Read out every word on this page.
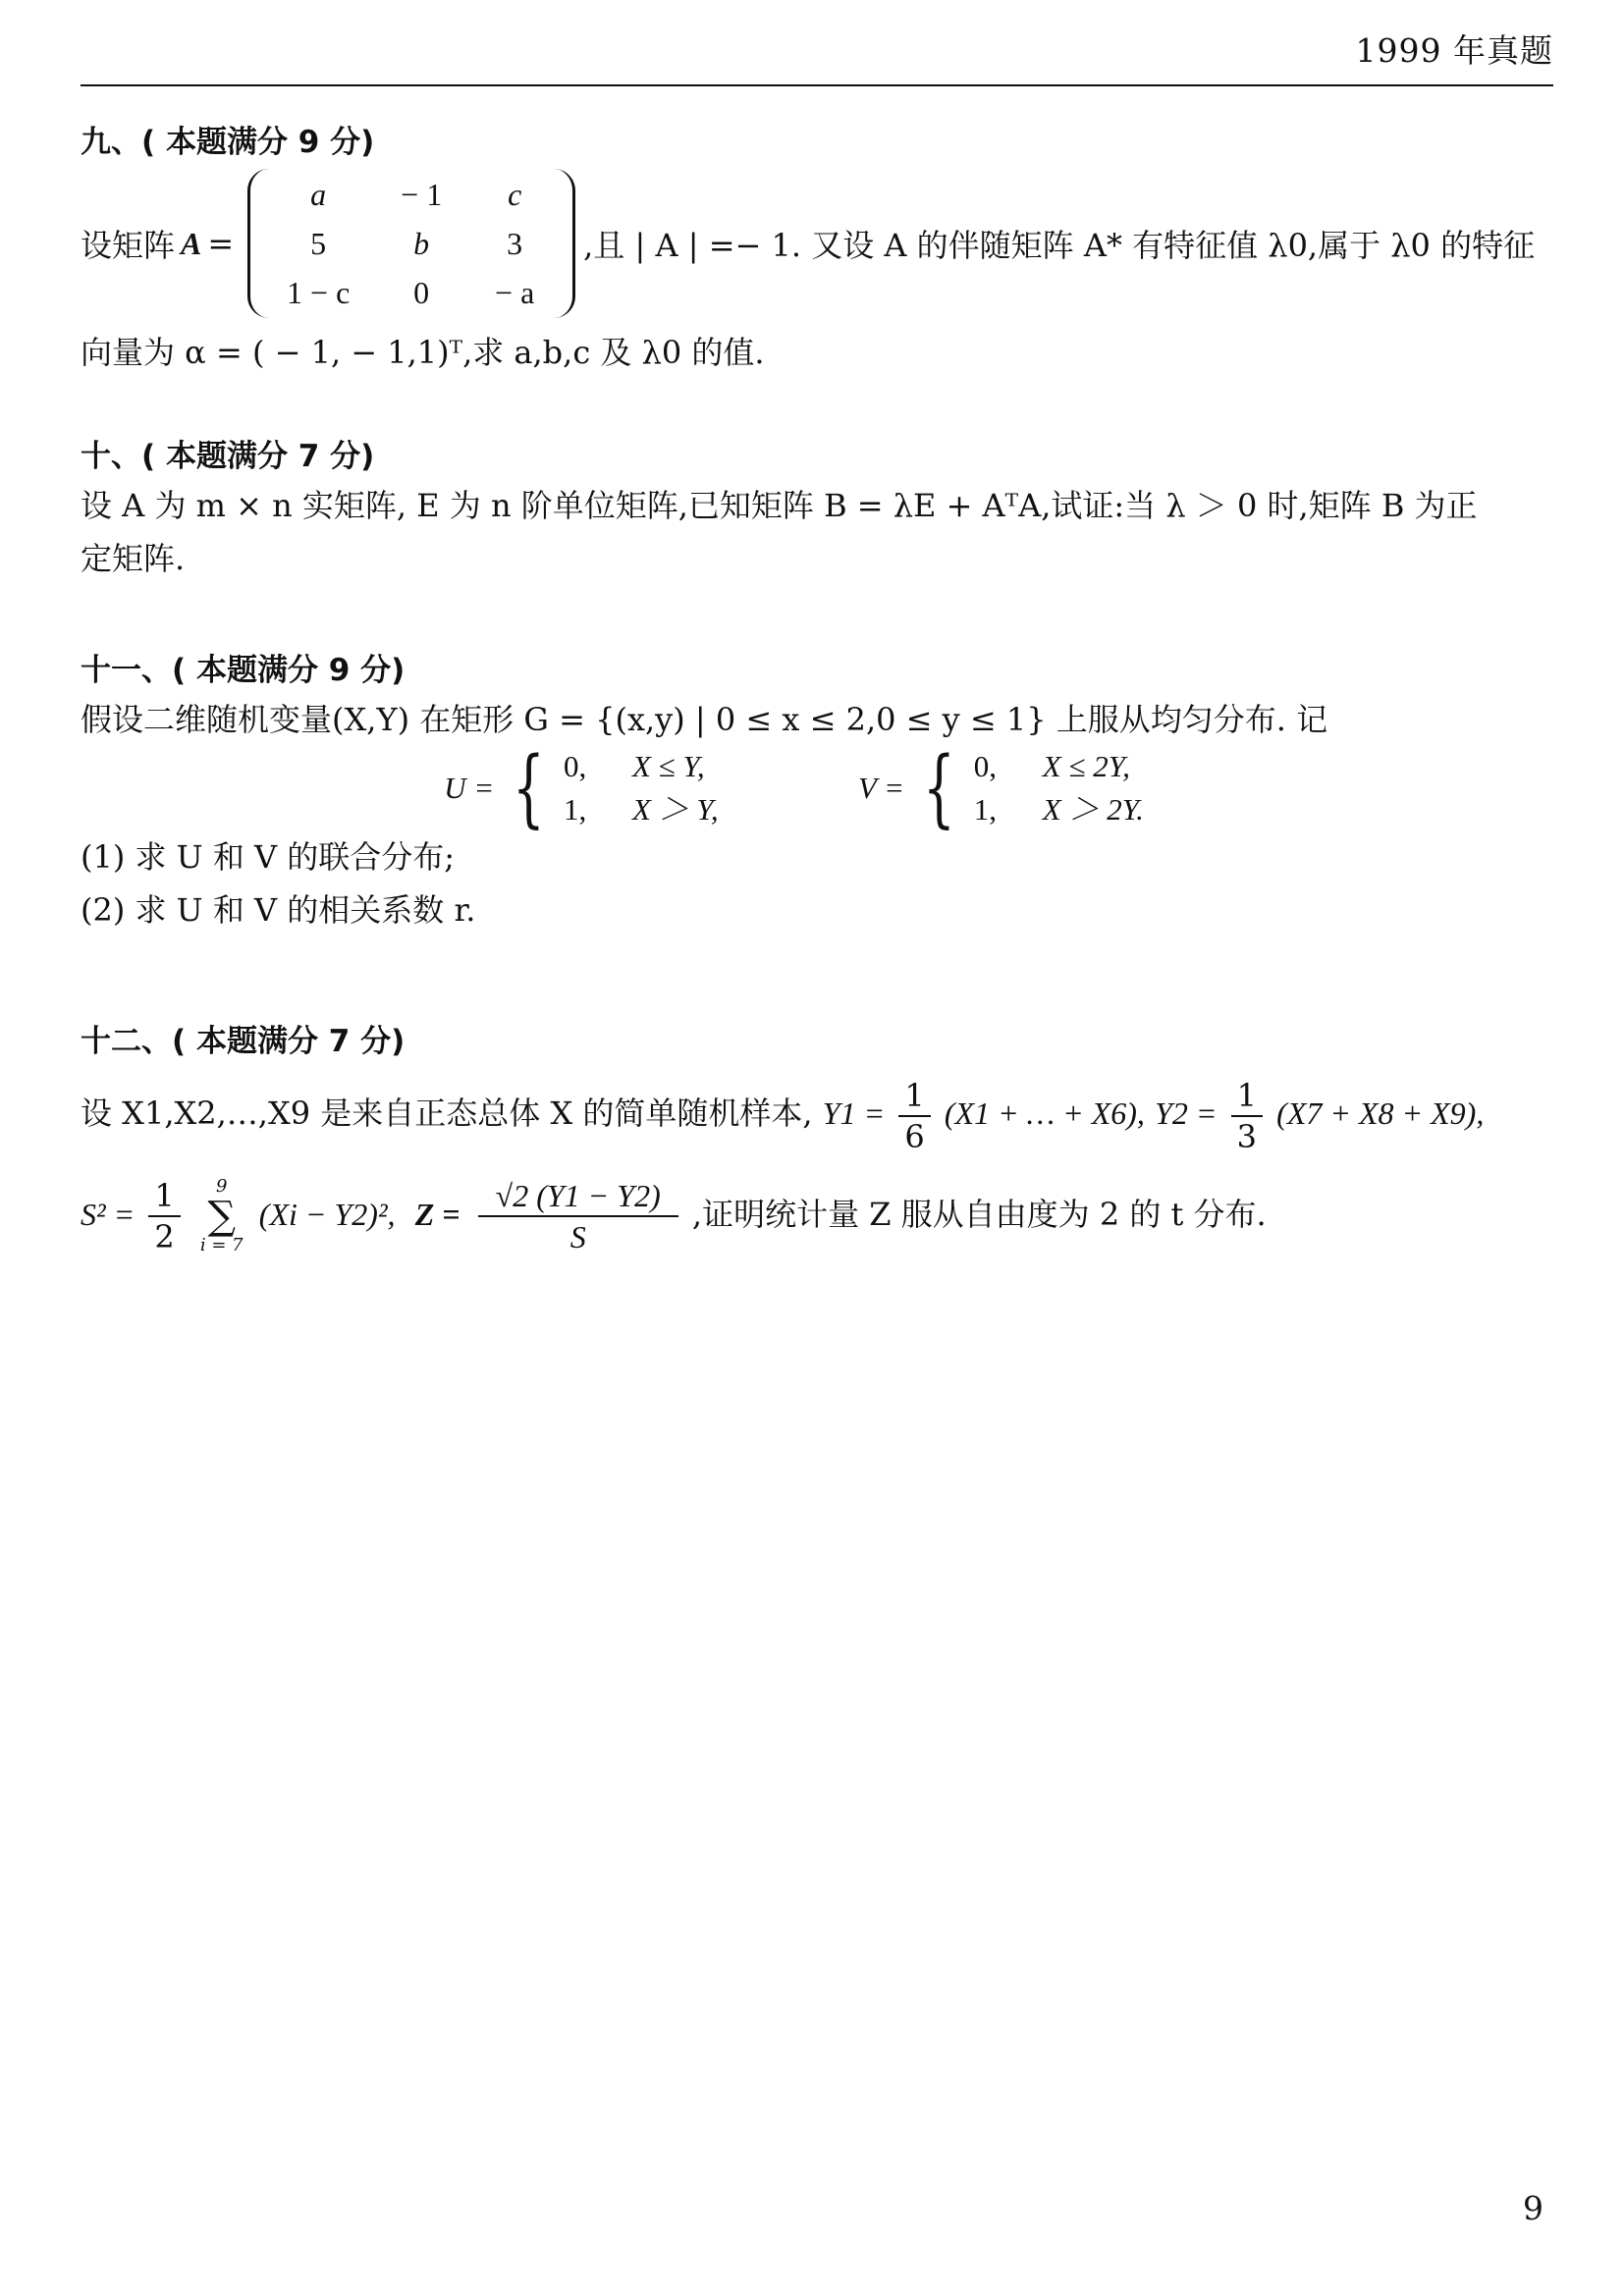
1999 年真题
九、( 本题满分 9 分)
设矩阵 A =
a	− 1	c
5	b	3
1 − c	0	− a
,且 | A | =− 1. 又设 A 的伴随矩阵 A* 有特征值 λ0,属于 λ0 的特征
向量为 α = ( − 1, − 1,1)ᵀ,求 a,b,c 及 λ0 的值.
十、( 本题满分 7 分)
设 A 为 m × n 实矩阵, E 为 n 阶单位矩阵,已知矩阵 B = λE + AᵀA,试证:当 λ ＞ 0 时,矩阵 B 为正
定矩阵.
十一、( 本题满分 9 分)
假设二维随机变量(X,Y) 在矩形 G = {(x,y) | 0 ≤ x ≤ 2,0 ≤ y ≤ 1} 上服从均匀分布. 记
U = { 0,	X ≤ Y,
1,	X ＞ Y,
V = { 0,	X ≤ 2Y,
1,	X ＞ 2Y.
(1) 求 U 和 V 的联合分布;
(2) 求 U 和 V 的相关系数 r.
十二、( 本题满分 7 分)
设 X1,X2,…,X9 是来自正态总体 X 的简单随机样本, $Y1 = \frac{1}{6} (X1$ + … + X6), $Y2 = \frac{1}{3} (X7 + X8 + X9)$,
$S^2 = \frac{1}{2}$
9
∑
i = 7
(Xi − Y2)², $Z = \frac{√2 (Y1 - Y2)}{S}$ ,证明统计量 Z 服从自由度为 2 的 t 分布.
9
